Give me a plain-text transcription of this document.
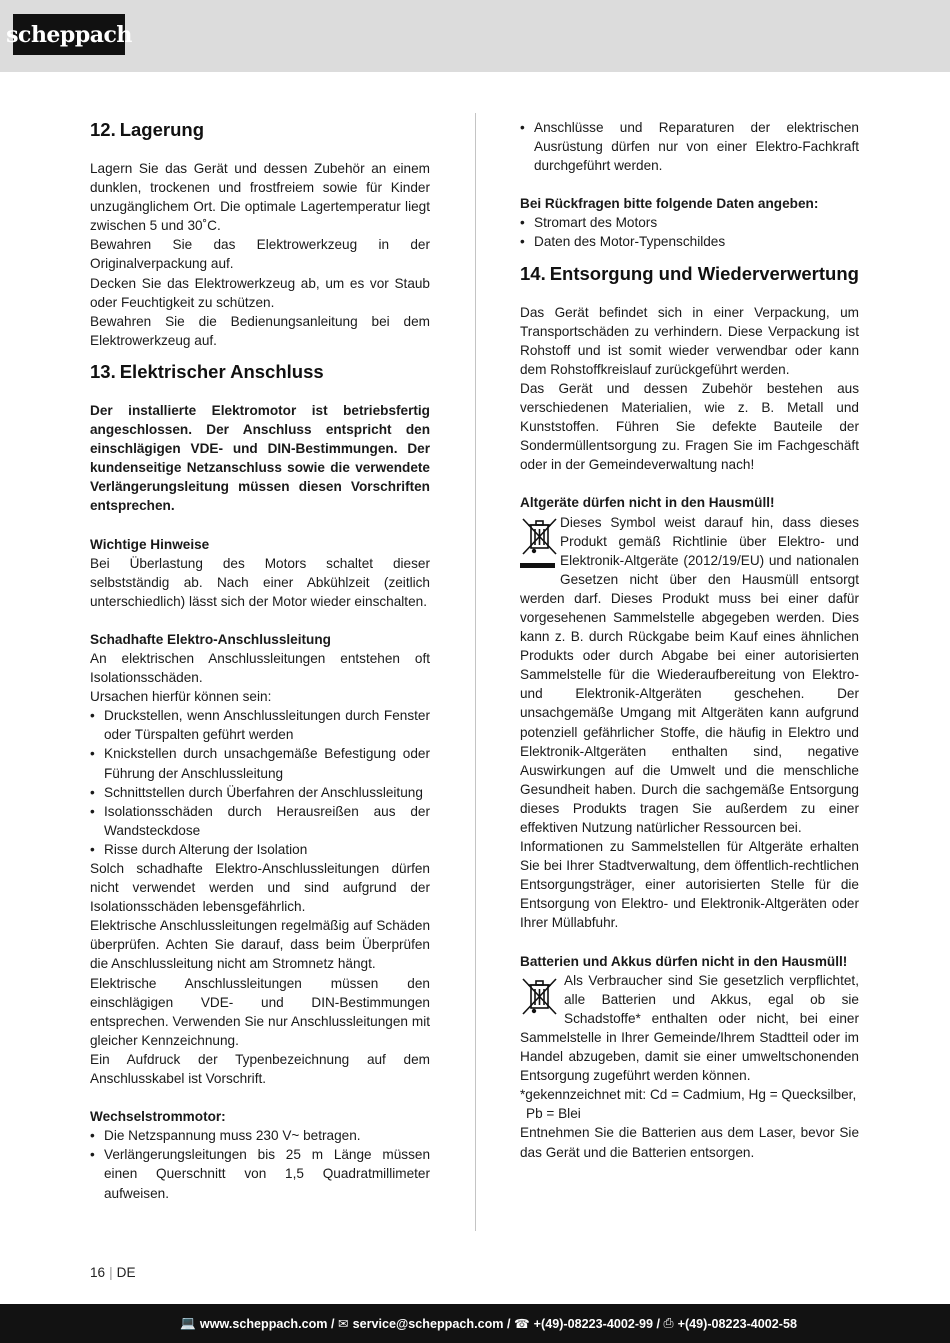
scheppach
12. Lagerung

Lagern Sie das Gerät und dessen Zubehör an einem dunklen, trockenen und frostfreiem sowie für Kinder unzugänglichem Ort. Die optimale Lagertemperatur liegt zwischen 5 und 30˚C.

Bewahren Sie das Elektrowerkzeug in der Originalverpackung auf.

Decken Sie das Elektrowerkzeug ab, um es vor Staub oder Feuchtigkeit zu schützen.

Bewahren Sie die Bedienungsanleitung bei dem Elektrowerkzeug auf.

13. Elektrischer Anschluss

Der installierte Elektromotor ist betriebsfertig angeschlossen. Der Anschluss entspricht den einschlägigen VDE- und DIN-Bestimmungen. Der kundenseitige Netzanschluss sowie die verwendete Verlängerungsleitung müssen diesen Vorschriften entsprechen.

Wichtige Hinweise

Bei Überlastung des Motors schaltet dieser selbstständig ab. Nach einer Abkühlzeit (zeitlich unterschiedlich) lässt sich der Motor wieder einschalten.

Schadhafte Elektro-Anschlussleitung

An elektrischen Anschlussleitungen entstehen oft Isolationsschäden.

Ursachen hierfür können sein:

• Druckstellen, wenn Anschlussleitungen durch Fenster oder Türspalten geführt werden
• Knickstellen durch unsachgemäße Befestigung oder Führung der Anschlussleitung
• Schnittstellen durch Überfahren der Anschlussleitung
• Isolationsschäden durch Herausreißen aus der Wandsteckdose
• Risse durch Alterung der Isolation

Solch schadhafte Elektro-Anschlussleitungen dürfen nicht verwendet werden und sind aufgrund der Isolationsschäden lebensgefährlich.

Elektrische Anschlussleitungen regelmäßig auf Schäden überprüfen. Achten Sie darauf, dass beim Überprüfen die Anschlussleitung nicht am Stromnetz hängt.

Elektrische Anschlussleitungen müssen den einschlägigen VDE- und DIN-Bestimmungen entsprechen. Verwenden Sie nur Anschlussleitungen mit gleicher Kennzeichnung.

Ein Aufdruck der Typenbezeichnung auf dem Anschlusskabel ist Vorschrift.

Wechselstrommotor:

• Die Netzspannung muss 230 V~ betragen.
• Verlängerungsleitungen bis 25 m Länge müssen einen Querschnitt von 1,5 Quadratmillimeter aufweisen.
• Anschlüsse und Reparaturen der elektrischen Ausrüstung dürfen nur von einer Elektro-Fachkraft durchgeführt werden.

Bei Rückfragen bitte folgende Daten angeben:

• Stromart des Motors
• Daten des Motor-Typenschildes
14. Entsorgung und Wiederverwertung

Das Gerät befindet sich in einer Verpackung, um Transportschäden zu verhindern. Diese Verpackung ist Rohstoff und ist somit wieder verwendbar oder kann dem Rohstoffkreislauf zurückgeführt werden.

Das Gerät und dessen Zubehör bestehen aus verschiedenen Materialien, wie z. B. Metall und Kunststoffen. Führen Sie defekte Bauteile der Sondermüllentsorgung zu. Fragen Sie im Fachgeschäft oder in der Gemeindeverwaltung nach!

Altgeräte dürfen nicht in den Hausmüll!

Dieses Symbol weist darauf hin, dass dieses Produkt gemäß Richtlinie über Elektro- und Elektronik-Altgeräte (2012/19/EU) und nationalen Gesetzen nicht über den Hausmüll entsorgt werden darf. Dieses Produkt muss bei einer dafür vorgesehenen Sammelstelle abgegeben werden. Dies kann z. B. durch Rückgabe beim Kauf eines ähnlichen Produkts oder durch Abgabe bei einer autorisierten Sammelstelle für die Wiederaufbereitung von Elektro- und Elektronik-Altgeräten geschehen. Der unsachgemäße Umgang mit Altgeräten kann aufgrund potenziell gefährlicher Stoffe, die häufig in Elektro und Elektronik-Altgeräten enthalten sind, negative Auswirkungen auf die Umwelt und die menschliche Gesundheit haben. Durch die sachgemäße Entsorgung dieses Produkts tragen Sie außerdem zu einer effektiven Nutzung natürlicher Ressourcen bei.

Informationen zu Sammelstellen für Altgeräte erhalten Sie bei Ihrer Stadtverwaltung, dem öffentlich-rechtlichen Entsorgungsträger, einer autorisierten Stelle für die Entsorgung von Elektro- und Elektronik-Altgeräten oder Ihrer Müllabfuhr.

Batterien und Akkus dürfen nicht in den Hausmüll!

Als Verbraucher sind Sie gesetzlich verpflichtet, alle Batterien und Akkus, egal ob sie Schadstoffe* enthalten oder nicht, bei einer Sammelstelle in Ihrer Gemeinde/Ihrem Stadtteil oder im Handel abzugeben, damit sie einer umweltschonenden Entsorgung zugeführt werden können.

*gekennzeichnet mit: Cd = Cadmium, Hg = Quecksilber,

Pb = Blei

Entnehmen Sie die Batterien aus dem Laser, bevor Sie das Gerät und die Batterien entsorgen.

16 | DE
💻 www.scheppach.com /
✉ service@scheppach.com /
☎ +(49)-08223-4002-99 /
⎙ +(49)-08223-4002-58
